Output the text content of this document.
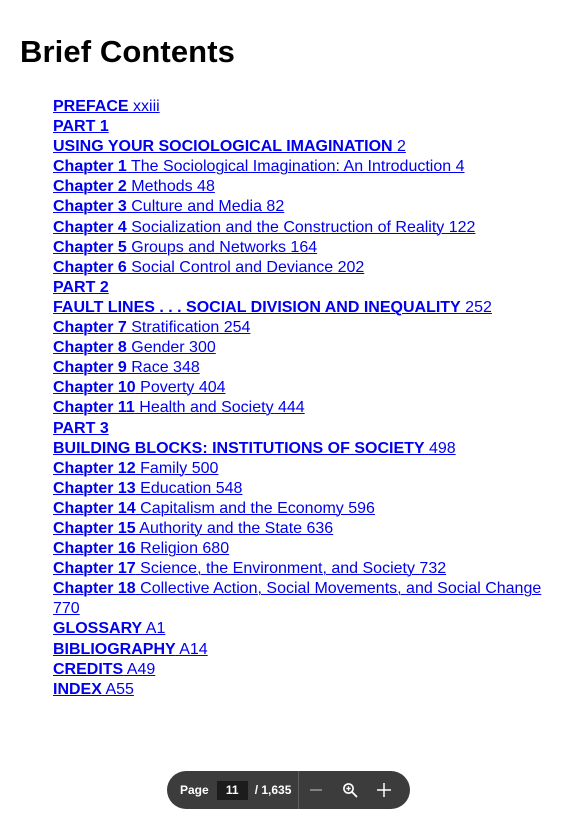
Brief Contents
PREFACE xxiii
PART 1
USING YOUR SOCIOLOGICAL IMAGINATION 2
Chapter 1 The Sociological Imagination: An Introduction 4
Chapter 2 Methods 48
Chapter 3 Culture and Media 82
Chapter 4 Socialization and the Construction of Reality 122
Chapter 5 Groups and Networks 164
Chapter 6 Social Control and Deviance 202
PART 2
FAULT LINES . . . SOCIAL DIVISION AND INEQUALITY 252
Chapter 7 Stratification 254
Chapter 8 Gender 300
Chapter 9 Race 348
Chapter 10 Poverty 404
Chapter 11 Health and Society 444
PART 3
BUILDING BLOCKS: INSTITUTIONS OF SOCIETY 498
Chapter 12 Family 500
Chapter 13 Education 548
Chapter 14 Capitalism and the Economy 596
Chapter 15 Authority and the State 636
Chapter 16 Religion 680
Chapter 17 Science, the Environment, and Society 732
Chapter 18 Collective Action, Social Movements, and Social Change 770
GLOSSARY A1
BIBLIOGRAPHY A14
CREDITS A49
INDEX A55
Page
11	/ 1,635
